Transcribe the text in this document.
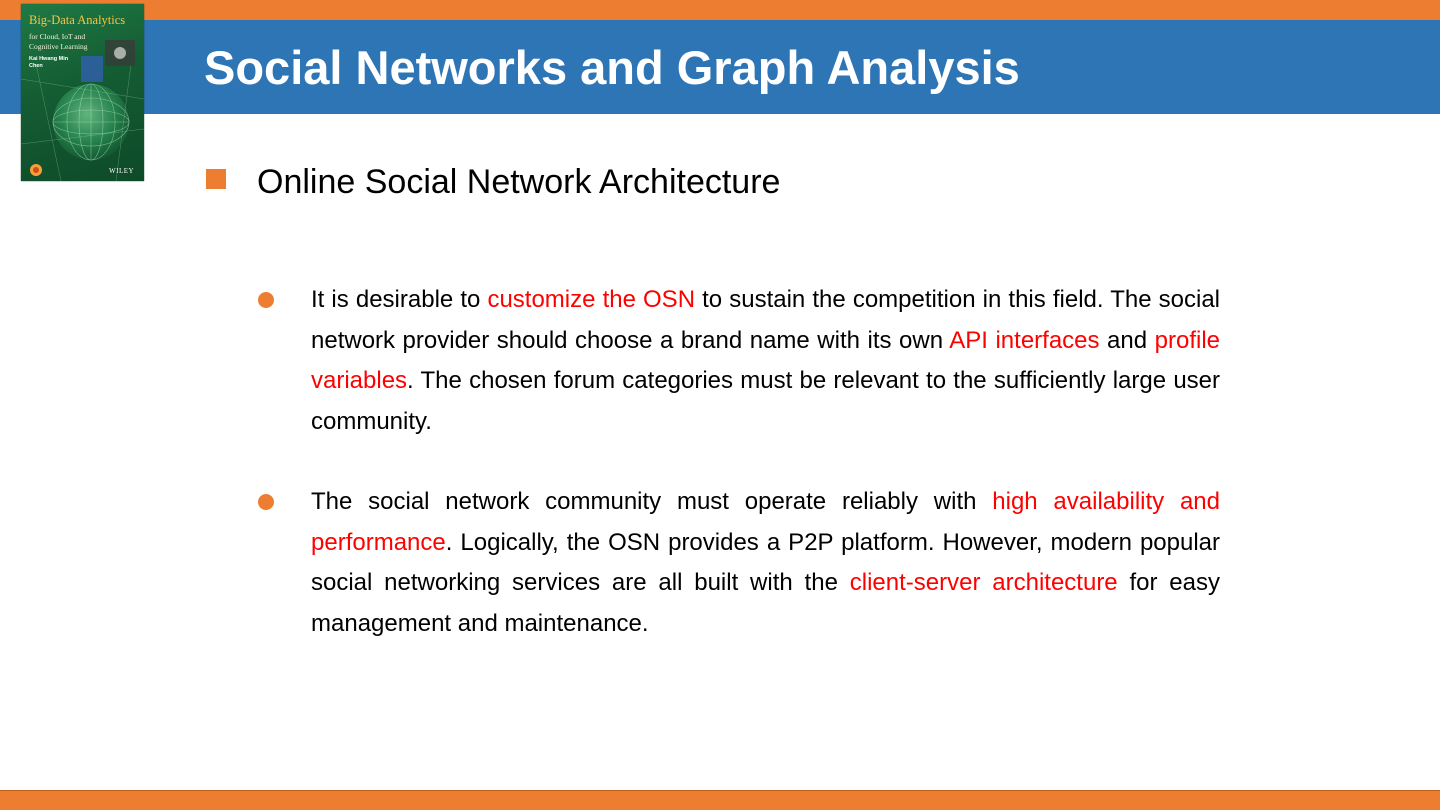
Social Networks and Graph Analysis
Big-Data Analytics
for Cloud, IoT and Cognitive Learning
Kai Hwang Min Chen
WILEY	Online Social Network Architecture

It is desirable to customize the OSN to sustain the competition in this field. The social network provider should choose a brand name with its own API interfaces and profile variables. The chosen forum categories must be relevant to the sufficiently large user community.

The social network community must operate reliably with high availability and performance. Logically, the OSN provides a P2P platform. However, modern popular social networking services are all built with the client-server architecture for easy management and maintenance.
